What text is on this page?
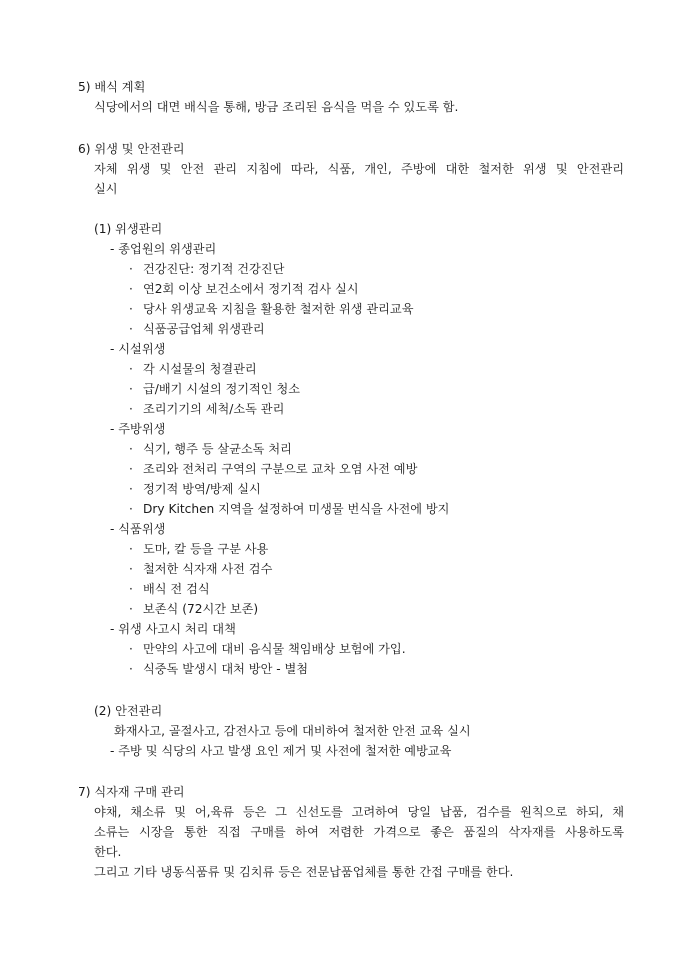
5) 배식 계획
식당에서의 대면 배식을 통해, 방금 조리된 음식을 먹을 수 있도록 함.
6) 위생 및 안전관리
자체 위생 및 안전 관리 지침에 따라, 식품, 개인, 주방에 대한 철저한 위생 및 안전관리
실시
(1) 위생관리
- 종업원의 위생관리
· 건강진단: 정기적 건강진단
· 연2회 이상 보건소에서 정기적 검사 실시
· 당사 위생교육 지침을 활용한 철저한 위생 관리교육
· 식품공급업체 위생관리
- 시설위생
· 각 시설물의 청결관리
· 급/배기 시설의 정기적인 청소
· 조리기기의 세척/소독 관리
- 주방위생
· 식기, 행주 등 살균소독 처리
· 조리와 전처리 구역의 구분으로 교차 오염 사전 예방
· 정기적 방역/방제 실시
· Dry Kitchen 지역을 설정하여 미생물 번식을 사전에 방지
- 식품위생
· 도마, 칼 등을 구분 사용
· 철저한 식자재 사전 검수
· 배식 전 검식
· 보존식 (72시간 보존)
- 위생 사고시 처리 대책
· 만약의 사고에 대비 음식물 책임배상 보험에 가입.
· 식중독 발생시 대처 방안 - 별첨
(2) 안전관리
화재사고, 골절사고, 감전사고 등에 대비하여 철저한 안전 교육 실시
- 주방 및 식당의 사고 발생 요인 제거 및 사전에 철저한 예방교육
7) 식자재 구매 관리
야채, 채소류 및 어,육류 등은 그 신선도를 고려하여 당일 납품, 검수를 원칙으로 하되, 채
소류는 시장을 통한 직접 구매를 하여 저렴한 가격으로 좋은 품질의 삭자재를 사용하도록
한다.
그리고 기타 냉동식품류 및 김치류 등은 전문납품업체를 통한 간접 구매를 한다.
